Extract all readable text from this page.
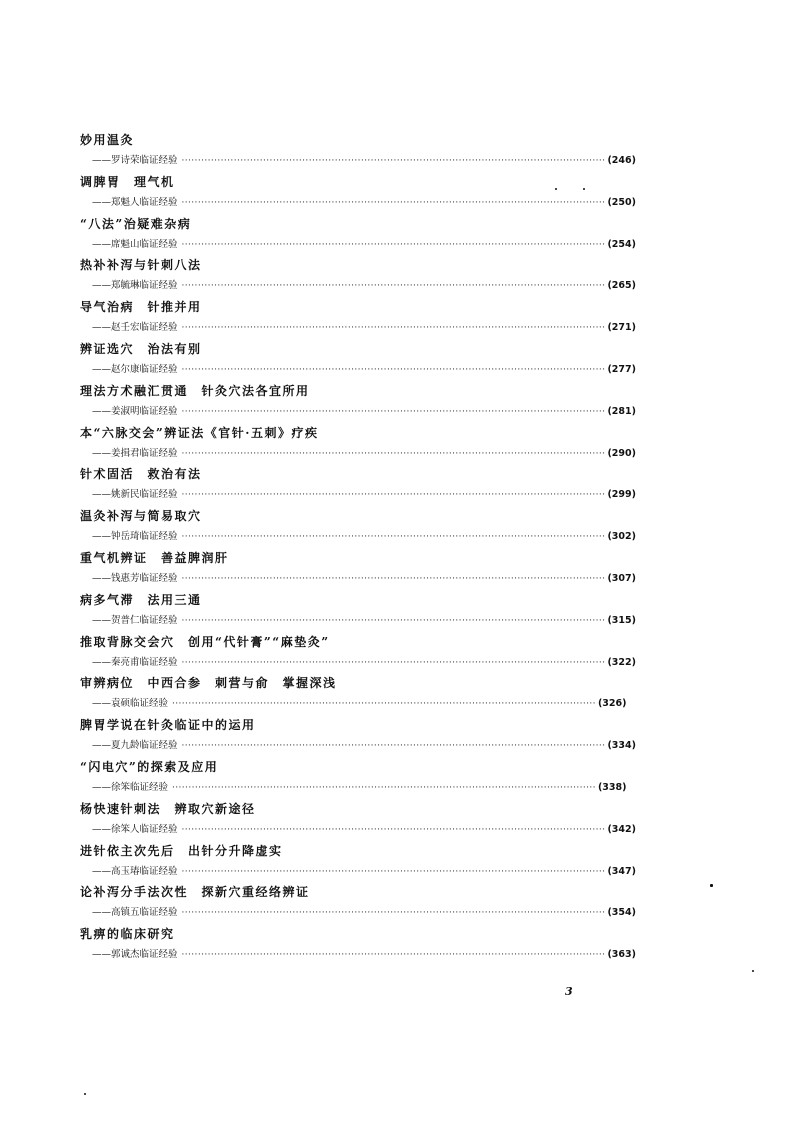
妙用温灸
——罗诗荣临证经验 ·································································································································· (246)
调脾胃　理气机
——郑魁人临证经验 ·································································································································· (250)
“八法”治疑难杂病
——席魁山临证经验 ·································································································································· (254)
热补补泻与针刺八法
——郑毓琳临证经验 ·································································································································· (265)
导气治病　针推并用
——赵壬宏临证经验 ·································································································································· (271)
辨证选穴　治法有别
——赵尔康临证经验 ·································································································································· (277)
理法方术融汇贯通　针灸穴法各宜所用
——姜淑明临证经验 ·································································································································· (281)
本“六脉交会”辨证法《官针·五刺》疗疾
——姜揖君临证经验 ·································································································································· (290)
针术固活　救治有法
——姚新民临证经验 ·································································································································· (299)
温灸补泻与简易取穴
——钟岳琦临证经验 ·································································································································· (302)
重气机辨证　善益脾润肝
——钱惠芳临证经验 ·································································································································· (307)
病多气滞　法用三通
——贺普仁临证经验 ·································································································································· (315)
推取背脉交会穴　创用“代针膏”“麻垫灸”
——秦亮甫临证经验 ·································································································································· (322)
审辨病位　中西合参　刺营与俞　掌握深浅
——袁硕临证经验 ·································································································································· (326)
脾胃学说在针灸临证中的运用
——夏九龄临证经验 ·································································································································· (334)
“闪电穴”的探索及应用
——徐笨临证经验 ·································································································································· (338)
杨快速针刺法　辨取穴新途径
——徐笨人临证经验 ·································································································································· (342)
进针依主次先后　出针分升降虚实
——高玉瑃临证经验 ·································································································································· (347)
论补泻分手法次性　探新穴重经络辨证
——高镇五临证经验 ·································································································································· (354)
乳痹的临床研究
——郭诚杰临证经验 ·································································································································· (363)
3
